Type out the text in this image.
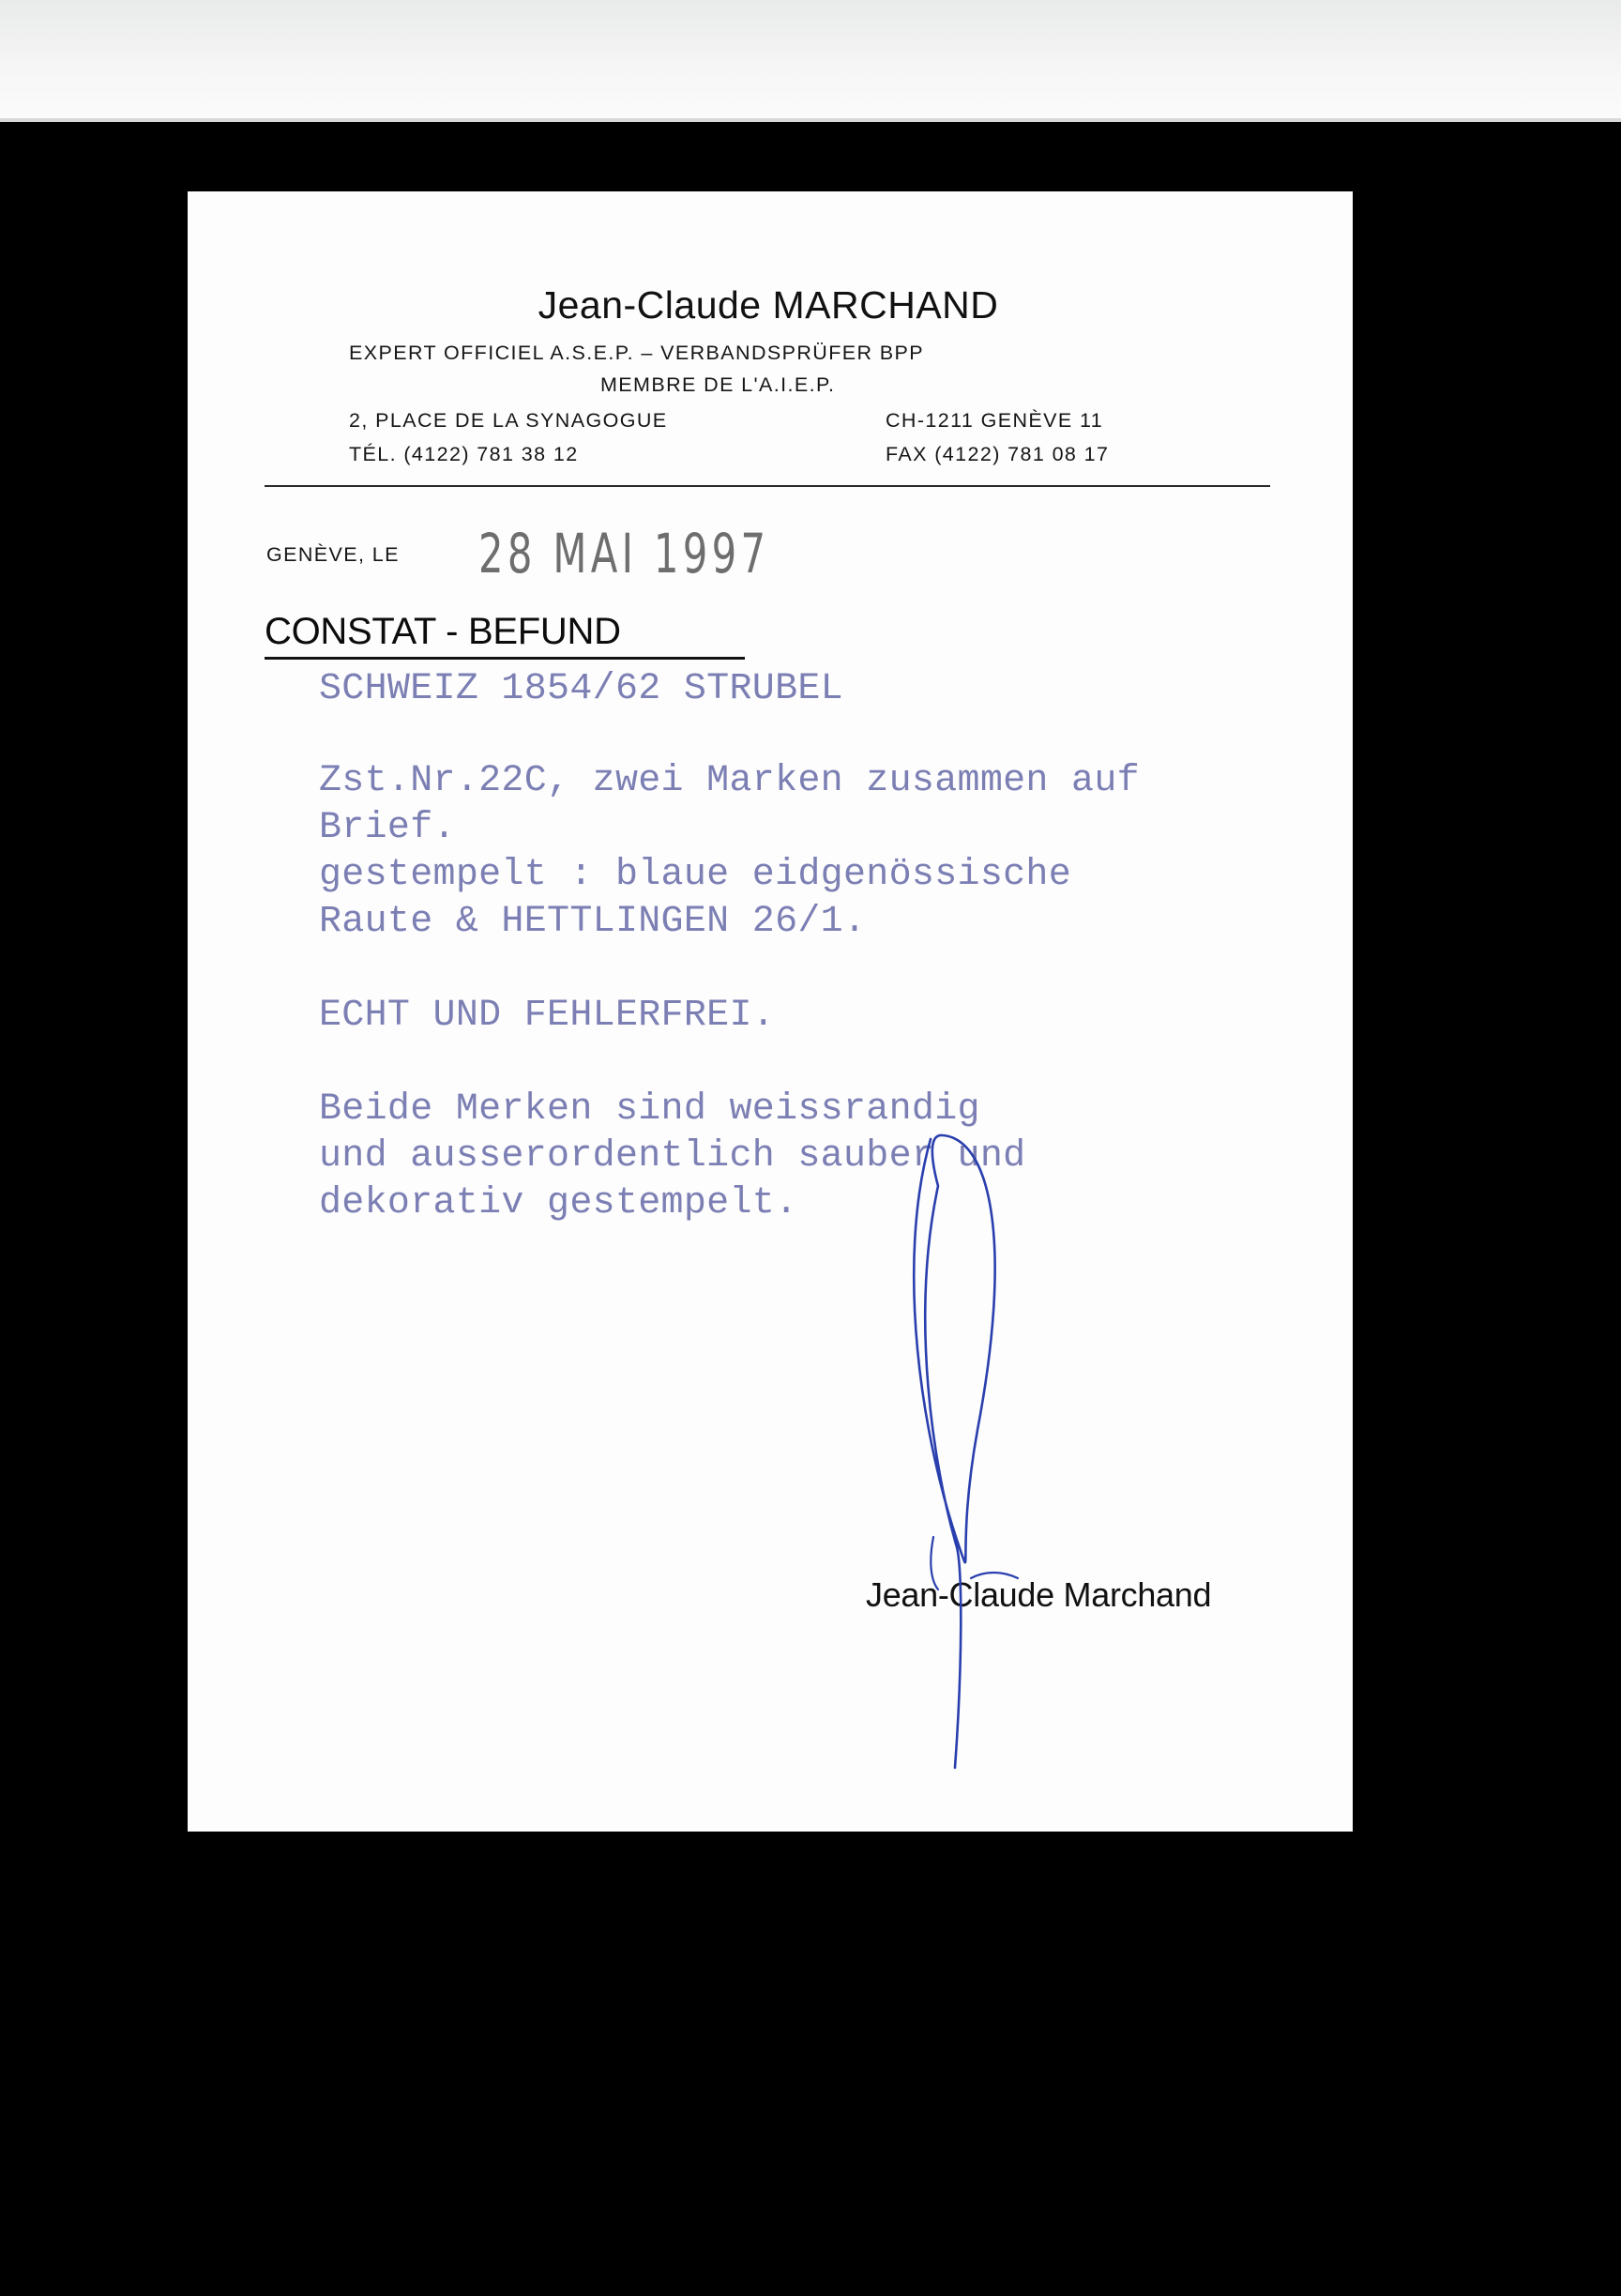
Jean-Claude MARCHAND
EXPERT OFFICIEL A.S.E.P. – VERBANDSPRÜFER BPP
MEMBRE DE L'A.I.E.P.
2, PLACE DE LA SYNAGOGUE	CH-1211 GENÈVE 11
TÉL. (4122) 781 38 12	FAX (4122) 781 08 17
GENÈVE, LE 28 MAI 1997
CONSTAT - BEFUND
SCHWEIZ 1854/62 STRUBEL
Zst.Nr.22C, zwei Marken zusammen auf
Brief.
gestempelt : blaue eidgenössische
Raute & HETTLINGEN 26/1.
ECHT UND FEHLERFREI.
Beide Merken sind weissrandig
und ausserordentlich sauber und
dekorativ gestempelt.
Jean-Claude Marchand
